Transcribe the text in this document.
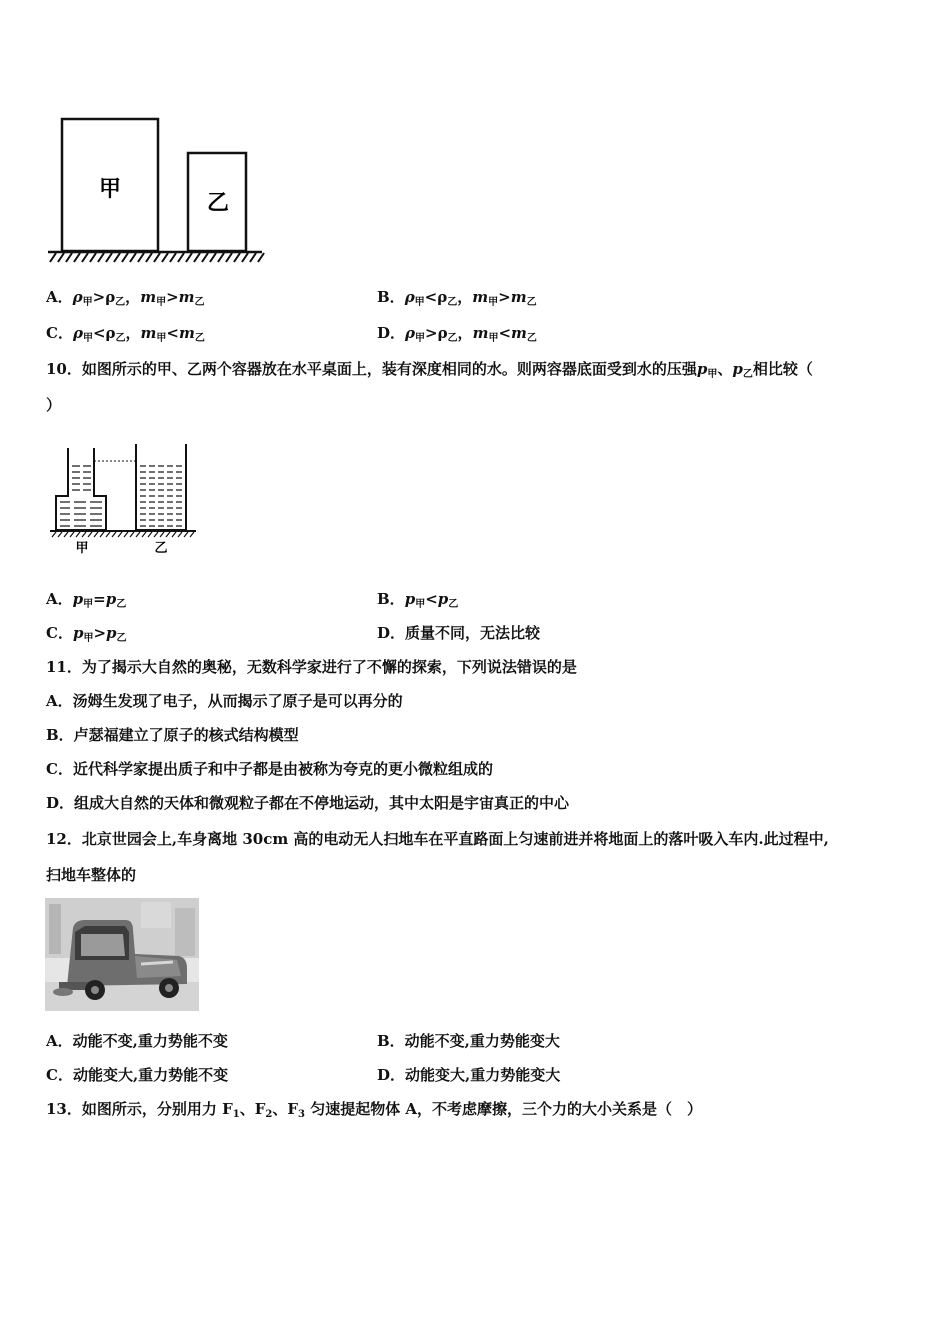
甲
乙
A．$\rho_甲>\rho_乙$，$m_甲>m_乙$	B．$\rho_甲<\rho_乙$，$m_甲>m_乙$
C．$\rho_甲<\rho_乙$，$m_甲<m_乙$	D．$\rho_甲>\rho_乙$，$m_甲<m_乙$
10．如图所示的甲、乙两个容器放在水平桌面上，装有深度相同的水。则两容器底面受到水的压强$p_甲$、$p_乙$相比较（
）
甲	乙
A．$p_甲=p_乙$	B．$p_甲<p_乙$
C．$p_甲>p_乙$	D．质量不同，无法比较
11．为了揭示大自然的奥秘，无数科学家进行了不懈的探索，下列说法错误的是
A．汤姆生发现了电子，从而揭示了原子是可以再分的
B．卢瑟福建立了原子的核式结构模型
C．近代科学家提出质子和中子都是由被称为夸克的更小微粒组成的
D．组成大自然的天体和微观粒子都在不停地运动，其中太阳是宇宙真正的中心
12．北京世园会上,车身离地 30cm 高的电动无人扫地车在平直路面上匀速前进并将地面上的落叶吸入车内.此过程中,
扫地车整体的
A．动能不变,重力势能不变	B．动能不变,重力势能变大
C．动能变大,重力势能不变	D．动能变大,重力势能变大
13．如图所示，分别用力 $F_1$、$F_2$、$F_3$ 匀速提起物体 A，不考虑摩擦，三个力的大小关系是（　）
